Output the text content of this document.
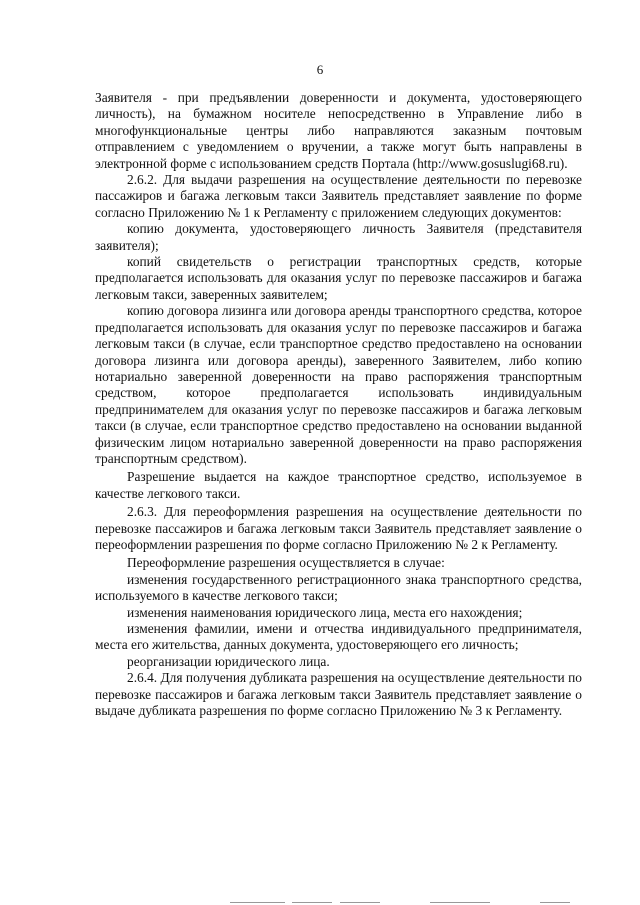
6

Заявителя - при предъявлении доверенности и документа, удостоверяющего личность), на бумажном носителе непосредственно в Управление либо в многофункциональные центры либо направляются заказным почтовым отправлением с уведомлением о вручении, а также могут быть направлены в электронной форме с использованием средств Портала (http://www.gosuslugi68.ru).

2.6.2. Для выдачи разрешения на осуществление деятельности по перевозке пассажиров и багажа легковым такси Заявитель представляет заявление по форме согласно Приложению № 1 к Регламенту с приложением следующих документов:

копию документа, удостоверяющего личность Заявителя (представителя заявителя);

копий свидетельств о регистрации транспортных средств, которые предполагается использовать для оказания услуг по перевозке пассажиров и багажа легковым такси, заверенных заявителем;

копию договора лизинга или договора аренды транспортного средства, которое предполагается использовать для оказания услуг по перевозке пассажиров и багажа легковым такси (в случае, если транспортное средство предоставлено на основании договора лизинга или договора аренды), заверенного Заявителем, либо копию нотариально заверенной доверенности на право распоряжения транспортным средством, которое предполагается использовать индивидуальным предпринимателем для оказания услуг по перевозке пассажиров и багажа легковым такси (в случае, если транспортное средство предоставлено на основании выданной физическим лицом нотариально заверенной доверенности на право распоряжения транспортным средством).

Разрешение выдается на каждое транспортное средство, используемое в качестве легкового такси.

2.6.3. Для переоформления разрешения на осуществление деятельности по перевозке пассажиров и багажа легковым такси Заявитель представляет заявление о переоформлении разрешения по форме согласно Приложению № 2 к Регламенту.

Переоформление разрешения осуществляется в случае:

изменения государственного регистрационного знака транспортного средства, используемого в качестве легкового такси;

изменения наименования юридического лица, места его нахождения;

изменения фамилии, имени и отчества индивидуального предпринимателя, места его жительства, данных документа, удостоверяющего его личность;

реорганизации юридического лица.

2.6.4. Для получения дубликата разрешения на осуществление деятельности по перевозке пассажиров и багажа легковым такси Заявитель представляет заявление о выдаче дубликата разрешения по форме согласно Приложению № 3 к Регламенту.
